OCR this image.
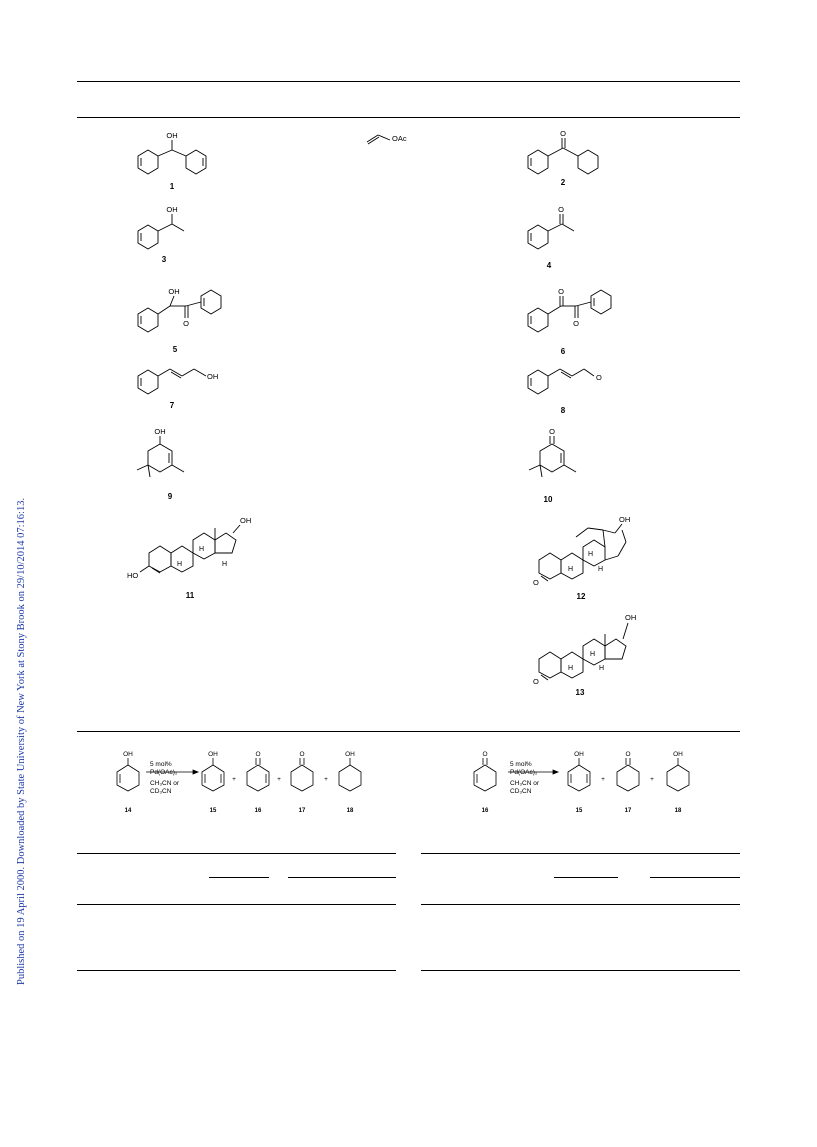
Published on 19 April 2000. Downloaded by State University of New York at Stony Brook on 29/10/2014 07:16:13.
OH	OAc
O
OH	O
OH
O
O
O
OH	O
OH	O
OH
HO
H
H	H
OH
O
H
H	H
OH
O
H
H	H
1	2
3
4
5	6
7
8
9	10
11	12
13
OH
5 mol%
Pd(OAc)₂
CH₃CN or
CD₃CN
OH
+
O
+
O
+
OH	O
5 mol%
Pd(OAc)₂
CH₃CN or
CD₃CN
OH
+
O
+
OH
14	15	16	17	18	16	15	17	18
